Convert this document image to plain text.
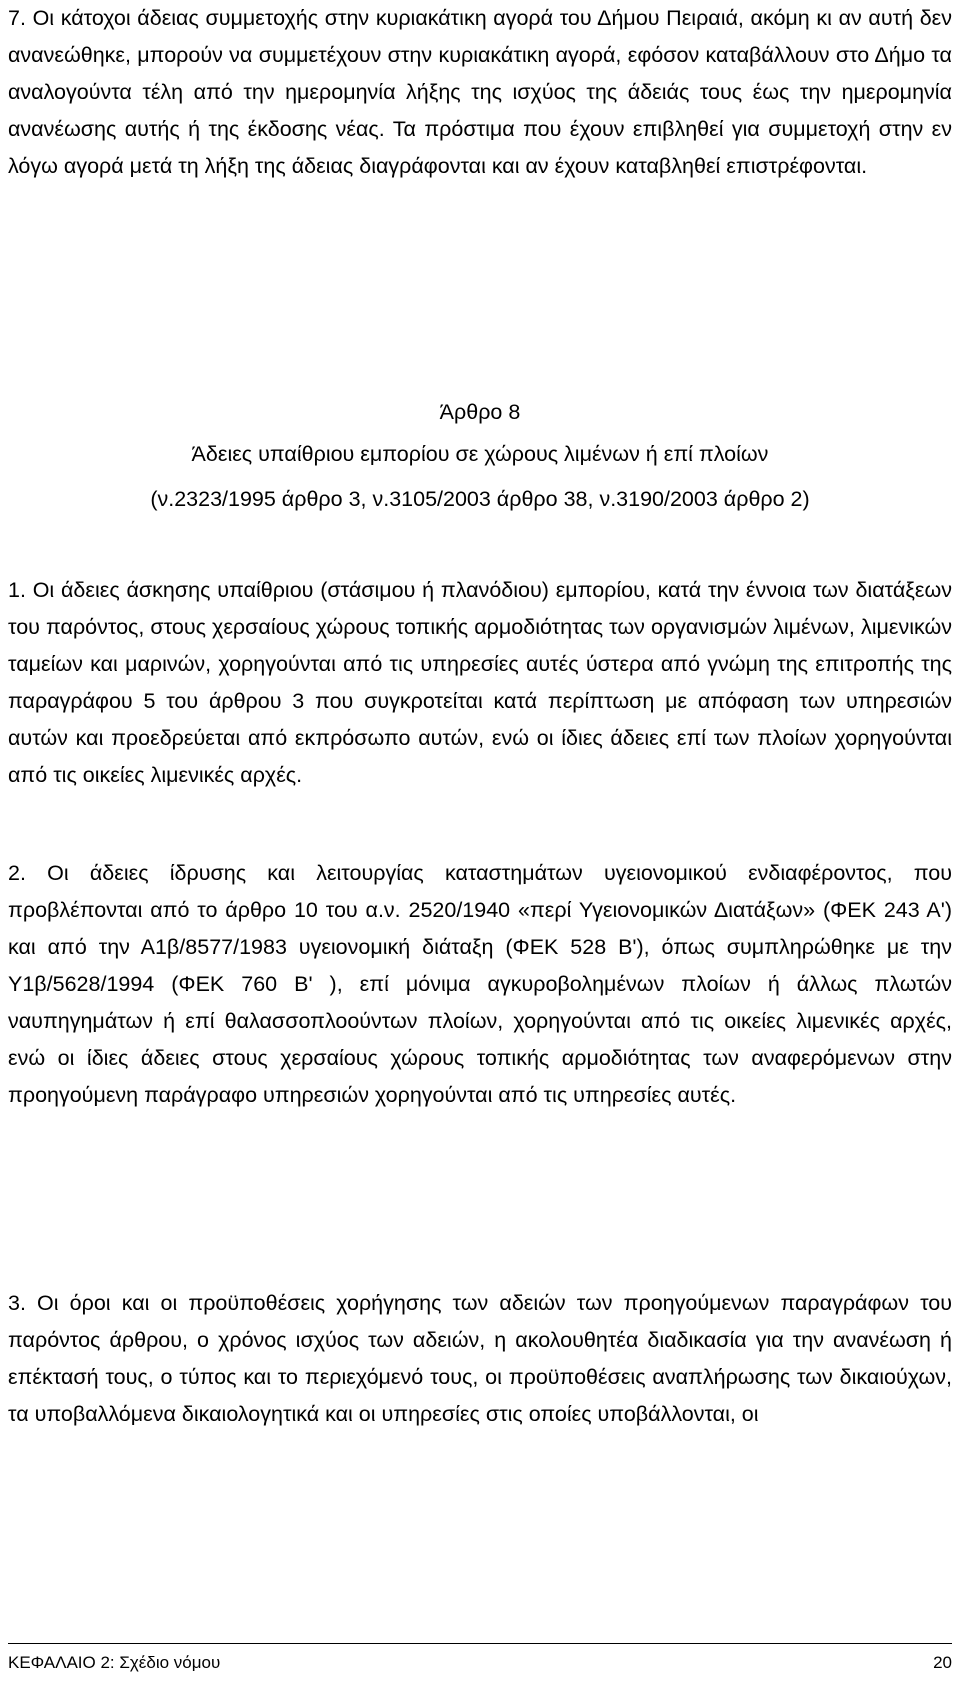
7. Οι κάτοχοι άδειας συμμετοχής στην κυριακάτικη αγορά του Δήμου Πειραιά, ακόμη κι αν αυτή δεν ανανεώθηκε, μπορούν να συμμετέχουν στην κυριακάτικη αγορά, εφόσον καταβάλλουν στο Δήμο τα αναλογούντα τέλη από την ημερομηνία λήξης της ισχύος της άδειάς τους έως την ημερομηνία ανανέωσης αυτής ή της έκδοσης νέας. Τα πρόστιμα που έχουν επιβληθεί για συμμετοχή στην εν λόγω αγορά μετά τη λήξη της άδειας διαγράφονται και αν έχουν καταβληθεί επιστρέφονται.

Άρθρο 8

Άδειες υπαίθριου εμπορίου σε χώρους λιμένων ή επί πλοίων

(ν.2323/1995 άρθρο 3, ν.3105/2003 άρθρο 38, ν.3190/2003 άρθρο 2)

1. Οι άδειες άσκησης υπαίθριου (στάσιμου ή πλανόδιου) εμπορίου, κατά την έννοια των διατάξεων του παρόντος, στους χερσαίους χώρους τοπικής αρμοδιότητας των οργανισμών λιμένων, λιμενικών ταμείων και μαρινών, χορηγούνται από τις υπηρεσίες αυτές ύστερα από γνώμη της επιτροπής της παραγράφου 5 του άρθρου 3 που συγκροτείται κατά περίπτωση με απόφαση των υπηρεσιών αυτών και προεδρεύεται από εκπρόσωπο αυτών, ενώ οι ίδιες άδειες επί των πλοίων χορηγούνται από τις οικείες λιμενικές αρχές.

2. Οι άδειες ίδρυσης και λειτουργίας καταστημάτων υγειονομικού ενδιαφέροντος, που προβλέπονται από το άρθρο 10 του α.ν. 2520/1940 «περί Υγειονομικών Διατάξων» (ΦΕΚ 243 Α') και από την Α1β/8577/1983 υγειονομική διάταξη (ΦΕΚ 528 Β'), όπως συμπληρώθηκε με την Υ1β/5628/1994 (ΦΕΚ 760 Β' ), επί μόνιμα αγκυροβολημένων πλοίων ή άλλως πλωτών ναυπηγημάτων ή επί θαλασσοπλοούντων πλοίων, χορηγούνται από τις οικείες λιμενικές αρχές, ενώ οι ίδιες άδειες στους χερσαίους χώρους τοπικής αρμοδιότητας των αναφερόμενων στην προηγούμενη παράγραφο υπηρεσιών χορηγούνται από τις υπηρεσίες αυτές.

3. Οι όροι και οι προϋποθέσεις χορήγησης των αδειών των προηγούμενων παραγράφων του παρόντος άρθρου, ο χρόνος ισχύος των αδειών, η ακολουθητέα διαδικασία για την ανανέωση ή επέκτασή τους, ο τύπος και το περιεχόμενό τους, οι προϋποθέσεις αναπλήρωσης των δικαιούχων, τα υποβαλλόμενα δικαιολογητικά και οι υπηρεσίες στις οποίες υποβάλλονται, οι

ΚΕΦΑΛΑΙΟ 2: Σχέδιο νόμου	20
